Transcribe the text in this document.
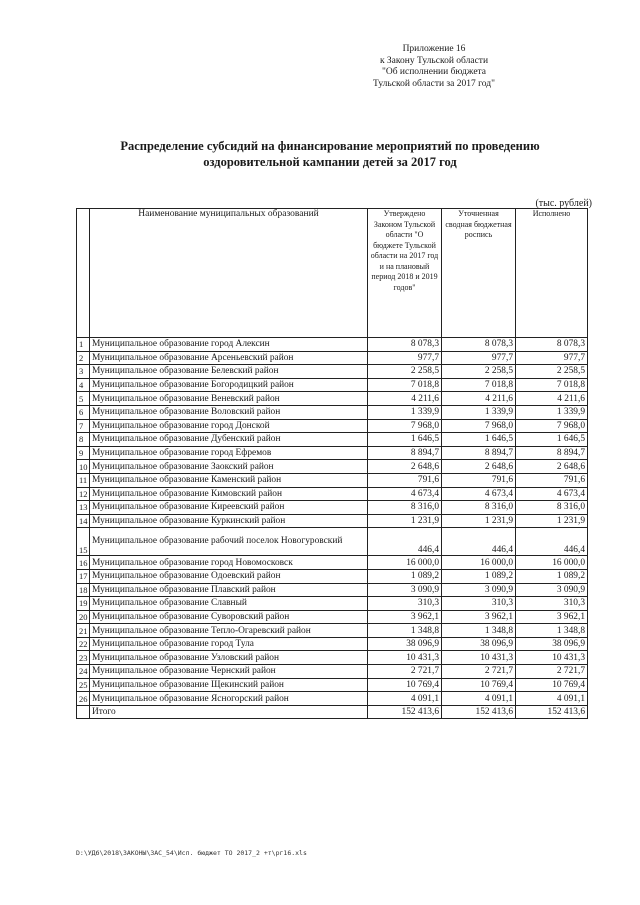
Приложение 16
к Закону Тульской области
"Об исполнении бюджета
Тульской области за 2017 год"
Распределение субсидий на финансирование мероприятий по проведению оздоровительной кампании детей за 2017 год
(тыс. рублей)
	Наименование муниципальных образований	Утверждено Законом Тульской области "О бюджете Тульской области на 2017 год и на плановый период 2018 и 2019 годов"	Уточненная сводная бюджетная роспись	Исполнено
1	Муниципальное образование город Алексин	8 078,3	8 078,3	8 078,3
2	Муниципальное образование Арсеньевский район	977,7	977,7	977,7
3	Муниципальное образование Белевский район	2 258,5	2 258,5	2 258,5
4	Муниципальное образование Богородицкий район	7 018,8	7 018,8	7 018,8
5	Муниципальное образование Веневский район	4 211,6	4 211,6	4 211,6
6	Муниципальное образование Воловский район	1 339,9	1 339,9	1 339,9
7	Муниципальное образование город Донской	7 968,0	7 968,0	7 968,0
8	Муниципальное образование Дубенский район	1 646,5	1 646,5	1 646,5
9	Муниципальное образование город Ефремов	8 894,7	8 894,7	8 894,7
10	Муниципальное образование Заокский район	2 648,6	2 648,6	2 648,6
11	Муниципальное образование Каменский район	791,6	791,6	791,6
12	Муниципальное образование Кимовский район	4 673,4	4 673,4	4 673,4
13	Муниципальное образование Киреевский район	8 316,0	8 316,0	8 316,0
14	Муниципальное образование Куркинский район	1 231,9	1 231,9	1 231,9
15	Муниципальное образование рабочий поселок Новогуровский	446,4	446,4	446,4
16	Муниципальное образование город Новомосковск	16 000,0	16 000,0	16 000,0
17	Муниципальное образование Одоевский район	1 089,2	1 089,2	1 089,2
18	Муниципальное образование Плавский район	3 090,9	3 090,9	3 090,9
19	Муниципальное образование Славный	310,3	310,3	310,3
20	Муниципальное образование Суворовский район	3 962,1	3 962,1	3 962,1
21	Муниципальное образование Тепло-Огаревский район	1 348,8	1 348,8	1 348,8
22	Муниципальное образование город Тула	38 096,9	38 096,9	38 096,9
23	Муниципальное образование Узловский район	10 431,3	10 431,3	10 431,3
24	Муниципальное образование Чернский район	2 721,7	2 721,7	2 721,7
25	Муниципальное образование Щекинский район	10 769,4	10 769,4	10 769,4
26	Муниципальное образование Ясногорский район	4 091,1	4 091,1	4 091,1
	Итого	152 413,6	152 413,6	152 413,6
D:\УДб\2018\ЗАКОНЫ\ЗАС_54\Исп. бюджет ТО 2017_2 +т\рг16.xls
